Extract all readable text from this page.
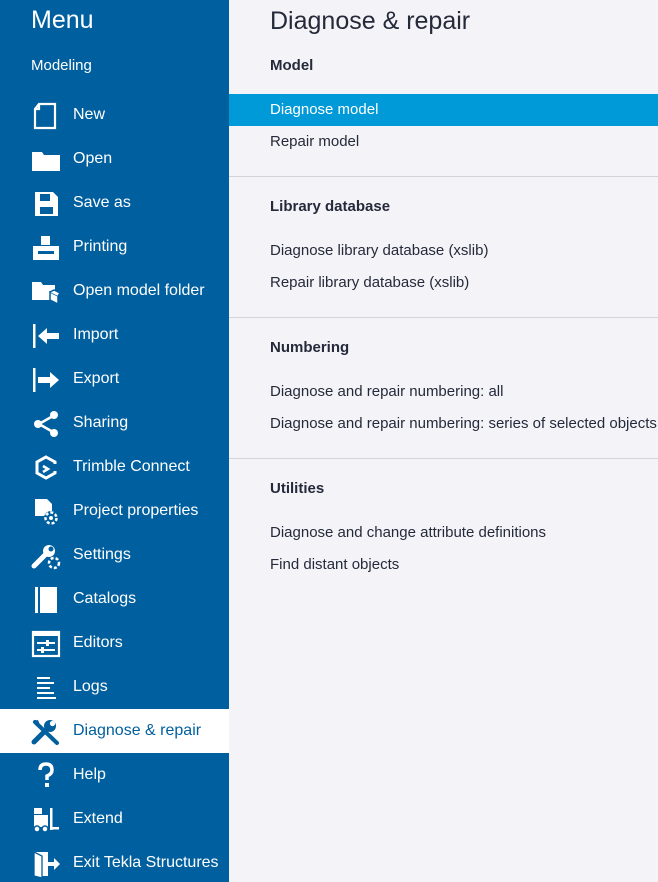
Menu
Modeling
New
Open
Save as
Printing
Open model folder
Import
Export
Sharing
Trimble Connect
Project properties
Settings
Catalogs
Editors
Logs
Diagnose & repair
Help
Extend
Exit Tekla Structures
Diagnose & repair
Model
Diagnose model
Repair model
Library database
Diagnose library database (xslib)
Repair library database (xslib)
Numbering
Diagnose and repair numbering: all
Diagnose and repair numbering: series of selected objects
Utilities
Diagnose and change attribute definitions
Find distant objects
